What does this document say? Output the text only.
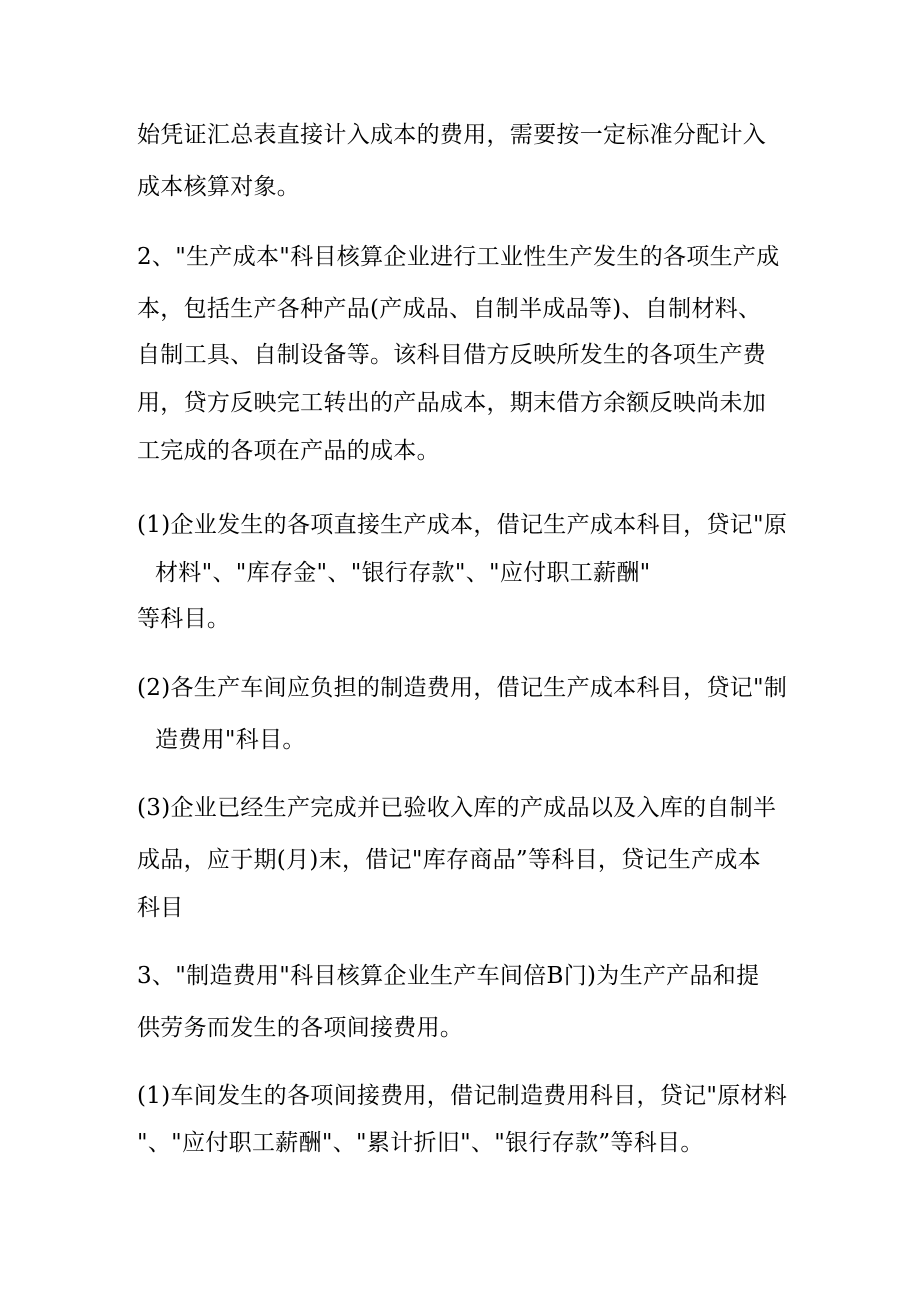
始凭证汇总表直接计入成本的费用，需要按一定标准分配计入
成本核算对象。
2、"生产成本"科目核算企业进行工业性生产发生的各项生产成
本，包括生产各种产品(产成品、自制半成品等)、自制材料、
自制工具、自制设备等。该科目借方反映所发生的各项生产费
用，贷方反映完工转出的产品成本，期末借方余额反映尚未加
工完成的各项在产品的成本。
(1)企业发生的各项直接生产成本，借记生产成本科目，贷记"原
材料"、"库存金"、"银行存款"、"应付职工薪酬"
等科目。
(2)各生产车间应负担的制造费用，借记生产成本科目，贷记"制
造费用"科目。
(3)企业已经生产完成并已验收入库的产成品以及入库的自制半
成品，应于期(月)末，借记"库存商品”等科目，贷记生产成本
科目
3、"制造费用"科目核算企业生产车间倍B门)为生产产品和提
供劳务而发生的各项间接费用。
(1)车间发生的各项间接费用，借记制造费用科目，贷记"原材料
"、"应付职工薪酬"、"累计折旧"、"银行存款”等科目。
